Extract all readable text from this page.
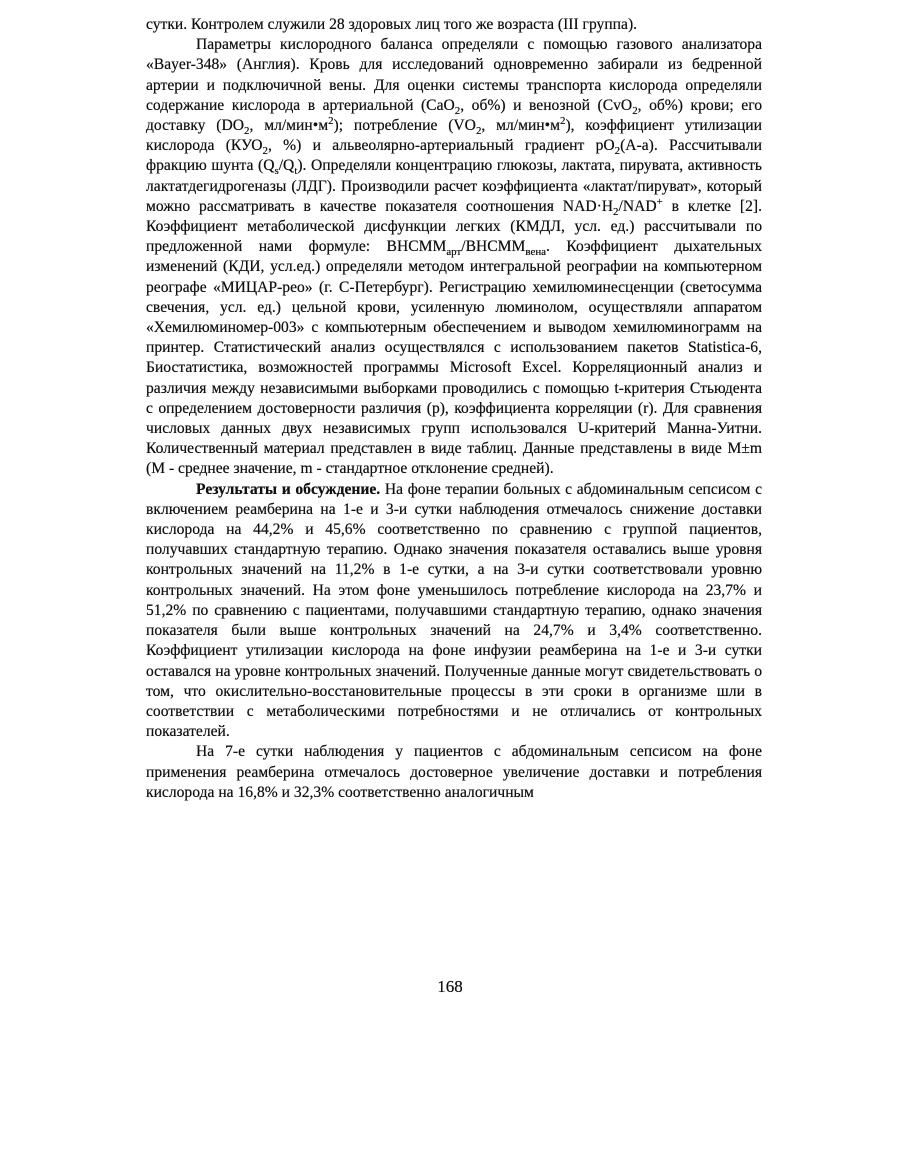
сутки. Контролем служили 28 здоровых лиц того же возраста (III группа).

Параметры кислородного баланса определяли с помощью газового анализатора «Bayer-348» (Англия). Кровь для исследований одновременно забирали из бедренной артерии и подключичной вены. Для оценки системы транспорта кислорода определяли содержание кислорода в артериальной (CaO$_2$, об%) и венозной (CvO$_2$, об%) крови; его доставку ($DO_2$, $мл/мин•м^2$); потребление ($VO_2$, $мл/мин•м^2$), коэффициент утилизации кислорода ($КУО_2$, %) и альвеолярно-артериальный градиент $pO_2(A-a)$. Рассчитывали фракцию шунта $(Q_s/Q_t)$. Определяли концентрацию глюкозы, лактата, пирувата, активность лактатдегидрогеназы (ЛДГ). Производили расчет коэффициента «лактат/пируват», который можно рассматривать в качестве показателя соотношения $NAD\cdot H_2/NAD^+$ в клетке [2]. Коэффициент метаболической дисфункции легких (КМДЛ, усл. ед.) рассчитывали по предложенной нами формуле: $ВНСММ_{арт}/ВНСММ_{вена}$. Коэффициент дыхательных изменений (КДИ, усл.ед.) определяли методом интегральной реографии на компьютерном реографе «МИЦАР-рео» (г. С-Петербург). Регистрацию хемилюминесценции (светосумма свечения, усл. ед.) цельной крови, усиленную люминолом, осуществляли аппаратом «Хемилюминомер-003» с компьютерным обеспечением и выводом хемилюминограмм на принтер. Статистический анализ осуществлялся с использованием пакетов Statistica-6, Биостатистика, возможностей программы Microsoft Excel. Корреляционный анализ и различия между независимыми выборками проводились с помощью t-критерия Стьюдента с определением достоверности различия (p), коэффициента корреляции (r). Для сравнения числовых данных двух независимых групп использовался U-критерий Манна-Уитни. Количественный материал представлен в виде таблиц. Данные представлены в виде M±m (M - среднее значение, m - стандартное отклонение средней).

Результаты и обсуждение. На фоне терапии больных с абдоминальным сепсисом с включением реамберина на 1-е и 3-и сутки наблюдения отмечалось снижение доставки кислорода на 44,2% и 45,6% соответственно по сравнению с группой пациентов, получавших стандартную терапию. Однако значения показателя оставались выше уровня контрольных значений на 11,2% в 1-е сутки, а на 3-и сутки соответствовали уровню контрольных значений. На этом фоне уменьшилось потребление кислорода на 23,7% и 51,2% по сравнению с пациентами, получавшими стандартную терапию, однако значения показателя были выше контрольных значений на 24,7% и 3,4% соответственно. Коэффициент утилизации кислорода на фоне инфузии реамберина на 1-е и 3-и сутки оставался на уровне контрольных значений. Полученные данные могут свидетельствовать о том, что окислительно-восстановительные процессы в эти сроки в организме шли в соответствии с метаболическими потребностями и не отличались от контрольных показателей.

На 7-е сутки наблюдения у пациентов с абдоминальным сепсисом на фоне применения реамберина отмечалось достоверное увеличение доставки и потребления кислорода на 16,8% и 32,3% соответственно аналогичным

168
